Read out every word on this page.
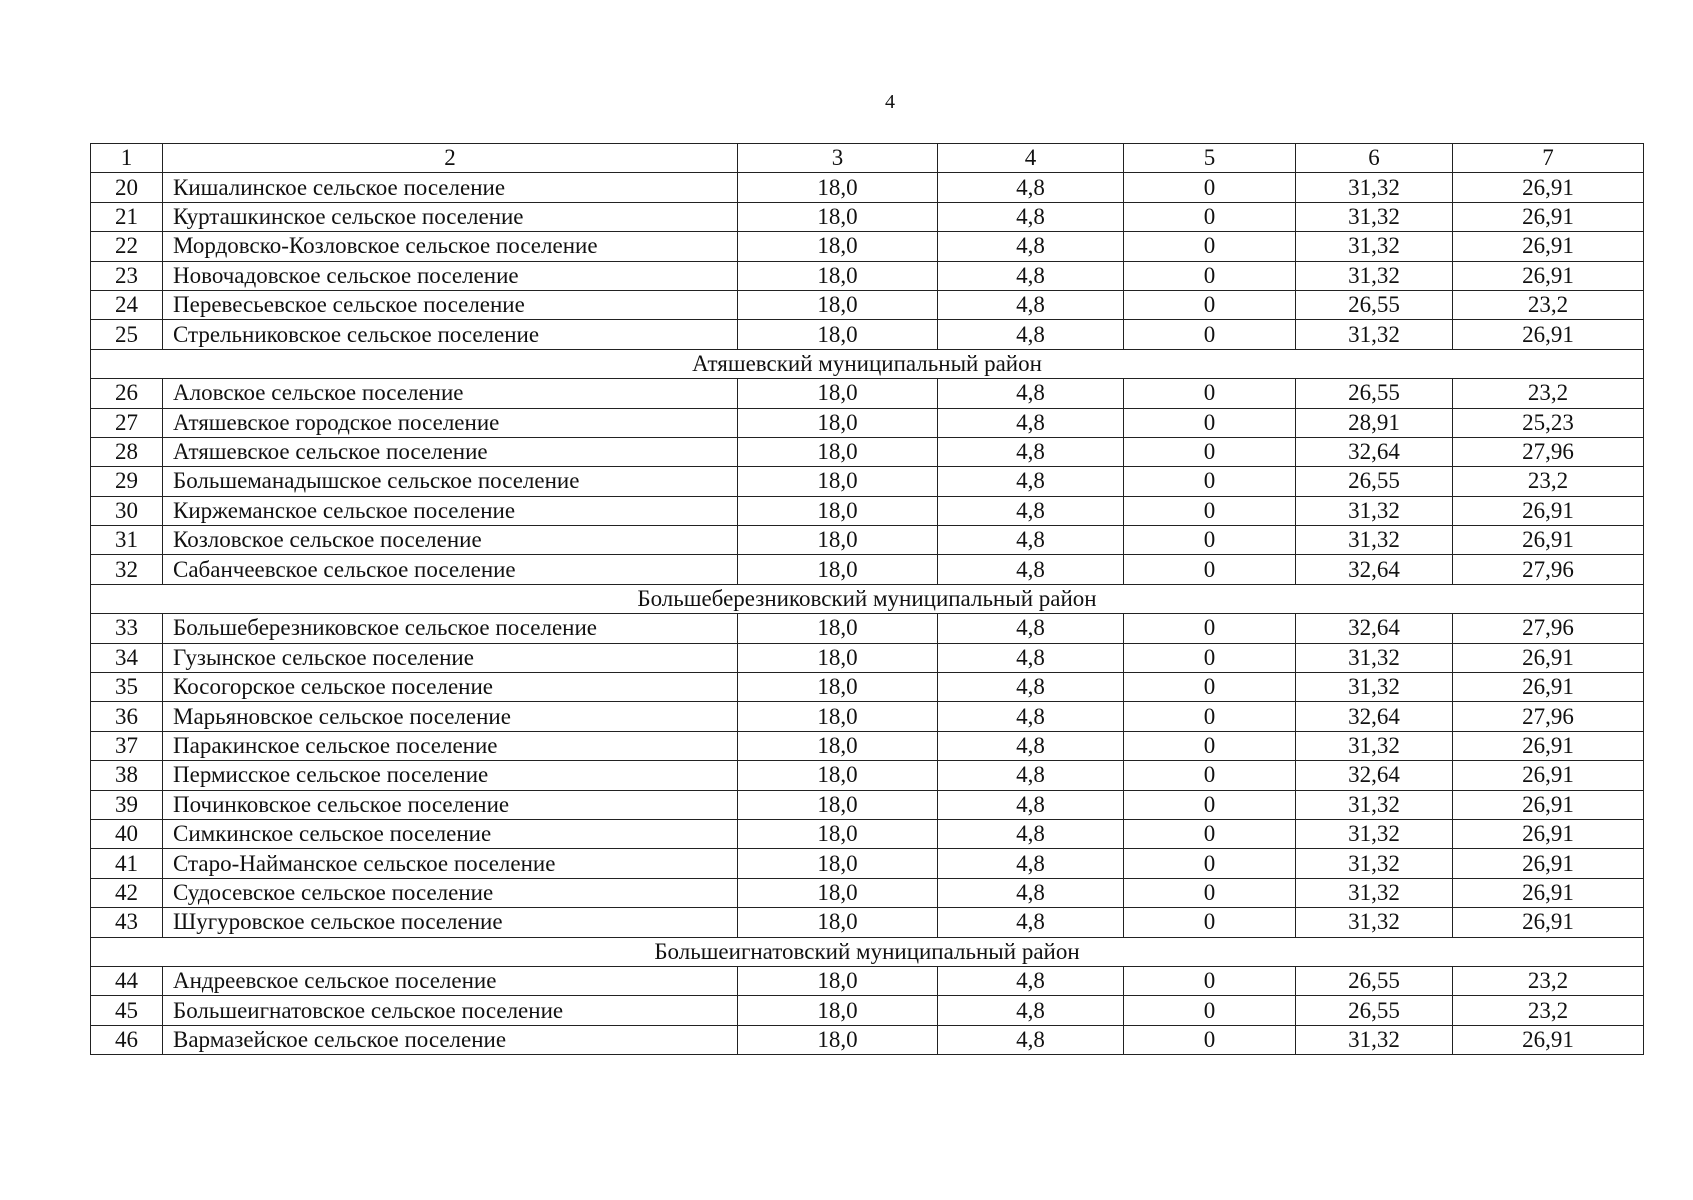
4
1	2	3	4	5	6	7
20	Кишалинское сельское поселение	18,0	4,8	0	31,32	26,91
21	Курташкинское сельское поселение	18,0	4,8	0	31,32	26,91
22	Мордовско-Козловское сельское поселение	18,0	4,8	0	31,32	26,91
23	Новочадовское сельское поселение	18,0	4,8	0	31,32	26,91
24	Перевесьевское сельское поселение	18,0	4,8	0	26,55	23,2
25	Стрельниковское сельское поселение	18,0	4,8	0	31,32	26,91
Атяшевский муниципальный район						
26	Аловское сельское поселение	18,0	4,8	0	26,55	23,2
27	Атяшевское городское поселение	18,0	4,8	0	28,91	25,23
28	Атяшевское сельское поселение	18,0	4,8	0	32,64	27,96
29	Большеманадышское сельское поселение	18,0	4,8	0	26,55	23,2
30	Киржеманское сельское поселение	18,0	4,8	0	31,32	26,91
31	Козловское сельское поселение	18,0	4,8	0	31,32	26,91
32	Сабанчеевское сельское поселение	18,0	4,8	0	32,64	27,96
Большеберезниковский муниципальный район						
33	Большеберезниковское сельское поселение	18,0	4,8	0	32,64	27,96
34	Гузынское сельское поселение	18,0	4,8	0	31,32	26,91
35	Косогорское сельское поселение	18,0	4,8	0	31,32	26,91
36	Марьяновское сельское поселение	18,0	4,8	0	32,64	27,96
37	Паракинское сельское поселение	18,0	4,8	0	31,32	26,91
38	Пермисское сельское поселение	18,0	4,8	0	32,64	26,91
39	Починковское сельское поселение	18,0	4,8	0	31,32	26,91
40	Симкинское сельское поселение	18,0	4,8	0	31,32	26,91
41	Старо-Найманское сельское поселение	18,0	4,8	0	31,32	26,91
42	Судосевское сельское поселение	18,0	4,8	0	31,32	26,91
43	Шугуровское сельское поселение	18,0	4,8	0	31,32	26,91
Большеигнатовский муниципальный район						
44	Андреевское сельское поселение	18,0	4,8	0	26,55	23,2
45	Большеигнатовское сельское поселение	18,0	4,8	0	26,55	23,2
46	Вармазейское сельское поселение	18,0	4,8	0	31,32	26,91
